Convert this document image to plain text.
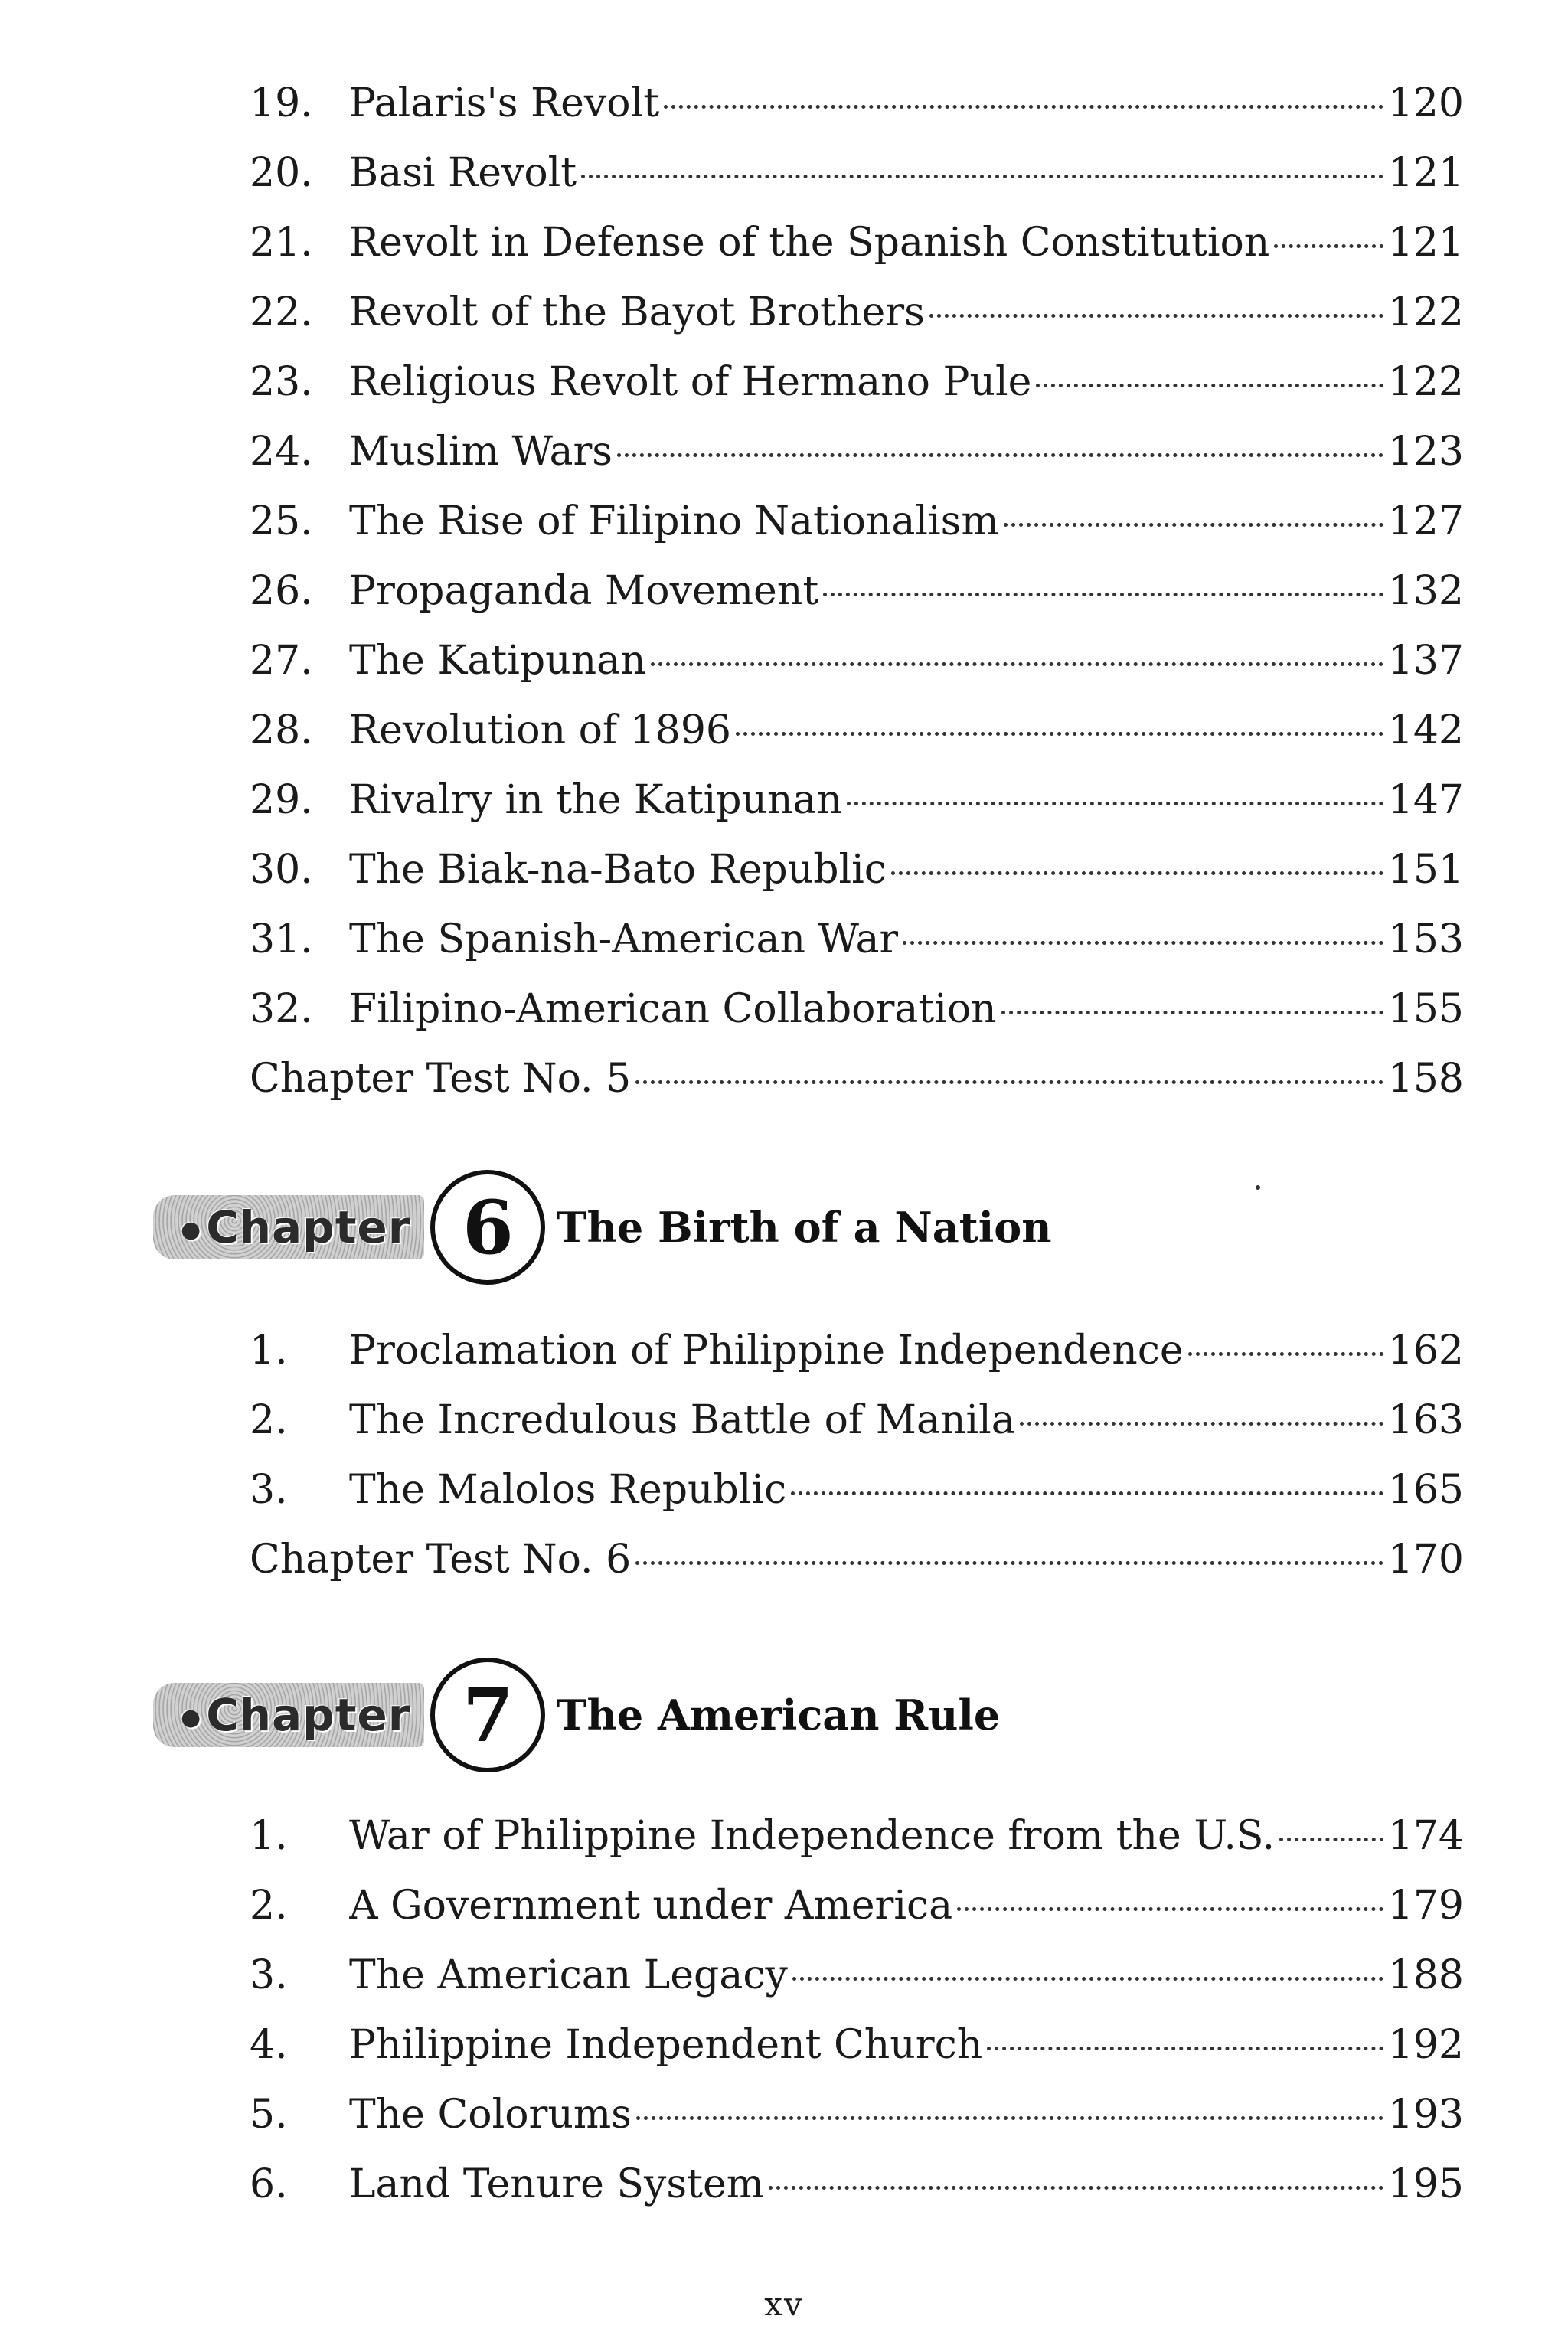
19. Palaris's Revolt	120
20. Basi Revolt	121
21. Revolt in Defense of the Spanish Constitution	121
22. Revolt of the Bayot Brothers	122
23. Religious Revolt of Hermano Pule	122
24. Muslim Wars	123
25. The Rise of Filipino Nationalism	127
26. Propaganda Movement	132
27. The Katipunan	137
28. Revolution of 1896	142
29. Rivalry in the Katipunan	147
30. The Biak-na-Bato Republic	151
31. The Spanish-American War	153
32. Filipino-American Collaboration	155
Chapter Test No. 5	158
● Chapter 6	The Birth of a Nation
1.	Proclamation of Philippine Independence	162
2.	The Incredulous Battle of Manila	163
3.	The Malolos Republic	165
Chapter Test No. 6	170
● Chapter 7	The American Rule
1.	War of Philippine Independence from the U.S.	174
2.	A Government under America	179
3.	The American Legacy	188
4.	Philippine Independent Church	192
5.	The Colorums	193
6.	Land Tenure System	195
xv
